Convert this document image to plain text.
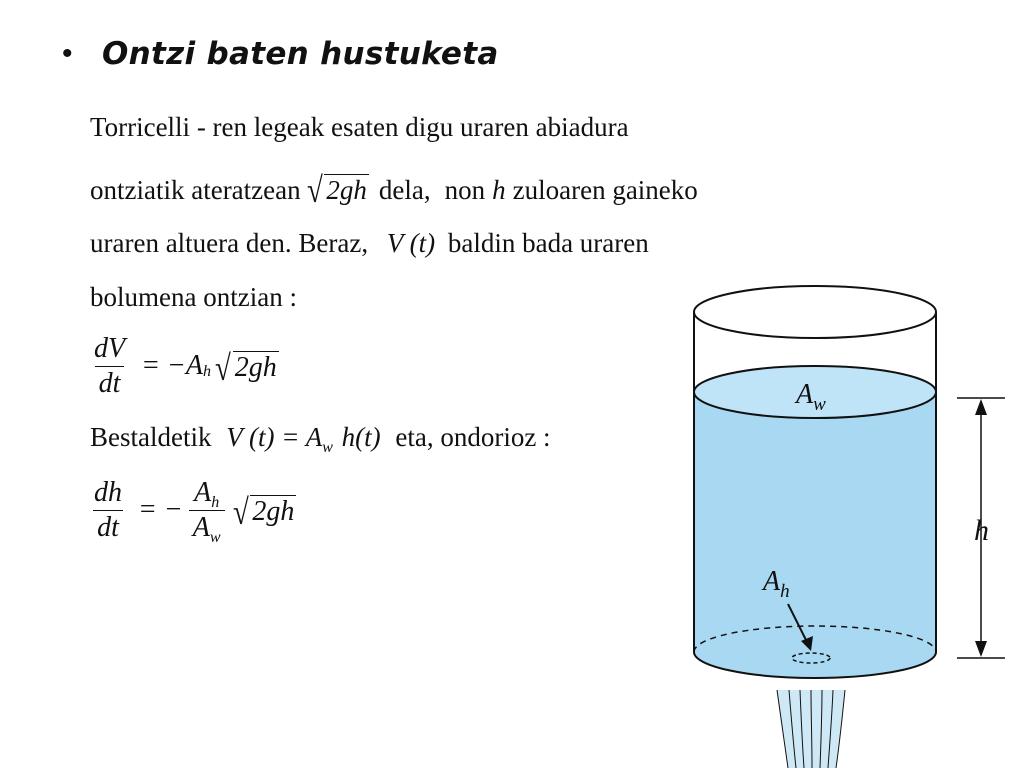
• Ontzi baten hustuketa
Torricelli - ren legeak esaten digu uraren abiadura
ontziatik ateratzean √ 2gh dela, non h zuloaren gaineko
uraren altuera den. Beraz, V (t) baldin bada uraren
bolumena ontzian :
$\frac{dV}{dt} = -A$ h √ 2gh
Bestaldetik V $(t) = A_w$ h(t) eta, ondorioz :
$\frac{dh}{dt}$ = − $\frac{A_h}{A_w}$ √ 2gh
$A_w$
$A_h$
h
